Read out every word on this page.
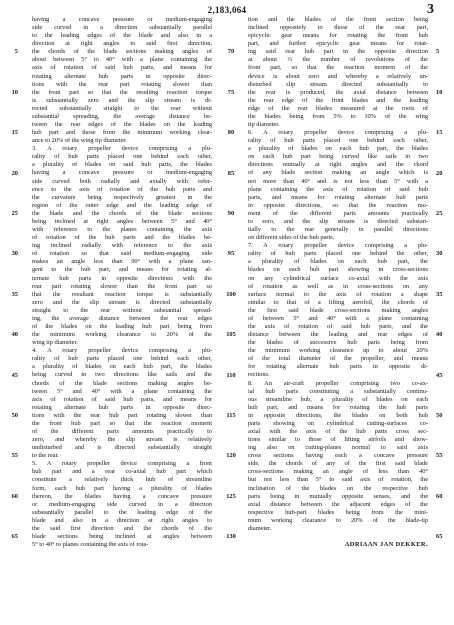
2,183,064	3
5
10
15
20
25
30
35
40
45
50
55
60
65
having a concave pressure or medium-engaging
side curved in a direction substantially parallel
to the leading edges of the blade and also in a
direction at right angles to said first direction,
the chords of the blade sections making angles of
about between 5° to 40° with a plane containing the
axis of rotation of said hub parts, and means for
rotating alternate hub parts in opposite direc-
tions with the rear part rotating slower than
the front part so that the resulting reaction torque
is substantially zero and the slip stream is di-
rected substantially straight to the rear without
substantial spreading, the average distance be-
tween the rear edges of the blades on the leading
hub part and those from the minimum working clear-
ance to 20% of the wing tip diameter.
3. A rotary propeller device comprising a plu-
rality of hub parts placed one behind each other,
a plurality of blades on said hub parts, the blades
having a concave pressure or medium-engaging
side curved both radially and axially with refer-
ence to the axis of rotation of the hub parts and
the curvature being respectively greatest in the
region of the outer edge and the leading edge of
the blade and the chords of the blade sections
being inclined at right angles between 5° and 40°
with reference to the planes containing the axis
of rotation of the hub parts and the blades be-
ing inclined radially with reference to the axis
of rotation so that said medium-engaging side
makes an angle less than 90° with a plane tan-
gent to the hub part, and means for rotating al-
ternate hub parts in opposite directions with the
rear part rotating slower than the front part so
that the resultant reaction torque is substantially
zero and the slip stream is directed substantially
straight to the rear without substantial spread-
ing, the average distance between the rear edges
of the blades on the leading hub part being from
the minimum working clearance to 20% of the
wing tip diameter.
4. A rotary propeller device comprising a plu-
rality of hub parts placed one behind each other,
a plurality of blades on each hub part, the blades
being curved in two directions like sails and the
chords of the blade sections making angles be-
tween 5° and 40° with a plane containing the
axis of rotation of said hub parts, and means for
rotating alternate hub parts in opposite direc-
tions with the rear hub part rotating slower than
the front hub part so that the reaction moment
of the different parts amounts practically to
zero, and whereby the slip stream is relatively
undisturbed and is directed substantially straight
to the rear.
5. A rotary propeller device comprising a front
hub part and a rear co-axial hub part which
constitute a relatively thick hub of streamline
form, each hub part having a plurality of blades
thereon, the blades having a concave pressure
or medium-engaging side curved in a direction
substantially parallel to the leading edge of the
blade and also in a direction at right angles to
the said first direction and the chords of the
blade sections being inclined at angles between
5° to 40° to planes containing the axis of rota-
70
75
80
85
90
95
100
105
110
115
120
125
130
tion and the blades of the front section being
inclined oppositely to those of the rear part,
epicyclic gear means for rotating the front hub
part, and further epicyclic gear means for rotat-
ing said rear hub part in the opposite direction
at about ⅔ the number of revolutions of the
front part, so that the reaction moment of the
device is about zero and whereby a relatively un-
disturbed slip stream directed substantially to
the rear is produced, the axial distance between
the rear edge of the front blades and the leading
edge of the rear blades measured at the roots of
the blades being from 5% to 10% of the wing
tip diameter.
6. A rotary propeller device comprising a plu-
rality of hub parts placed one behind each other,
a plurality of blades on each hub part, the blades
on each hub part being curved like sails in two
directions mutually at right angles and the chord
of any blade section making an angle which is
not more than 40° and is not less than 5° with a
plane containing the axis of rotation of said hub
parts, and means for rotating alternate hub parts
in opposite directions, so that the reaction mo-
ment of the different parts amounts practically
to zero, and the slip stream is directed substan-
tially to the rear generally in parallel directions
on different sides of the hub parts.
7. A rotary propeller device comprising a plu-
rality of hub parts placed one behind the other,
a plurality of blades on each hub part, the
blades on each hub part showing in cross-sections
on any cylindrical surface co-axial with the axis
of rotation as well as in cross-sections on any
surface normal to the axis of rotation a shape
similar to that of a lifting aerofoil, the chords of
the first said blade cross-sections making angles
of between 5° and 40° with a plane containing
the axis of rotation of said hub parts, and the
distance between the leading and rear edges of
the blades of successive hub parts being from
the minimum working clearance up to about 20%
of the total diameter of the propeller, and means
for rotating alternate hub parts in opposite di-
rections.
8. An air-craft propeller comprising two co-ax-
ial hub parts constituting a substantially continu-
ous streamline hub, a plurality of blades on each
hub part, and means for rotating the hub parts
in opposite directions, the blades on both hub
parts showing on cylindrical cutting-surfaces co-
axial with the axis of the hub parts cross sec-
tions similar to those of lifting airfoils and show-
ing also on cutting-planes normal to said axis
cross sections having each a concave pressure
side, the chords of any of the first said blade
cross-sections making an angle of less than 40°
but not less than 5° to said axis of rotation, the
inclination of the blades on the respective hub
parts being in mutually opposite senses, and the
axial distance between the adjacent edges of the
respective hub-part blades being from the mini-
mum working clearance to 20% of the blade-tip
diameter.
ADRIAAN JAN DEKKER.
5
10
15
20
25
30
35
40
45
50
55
60
65
